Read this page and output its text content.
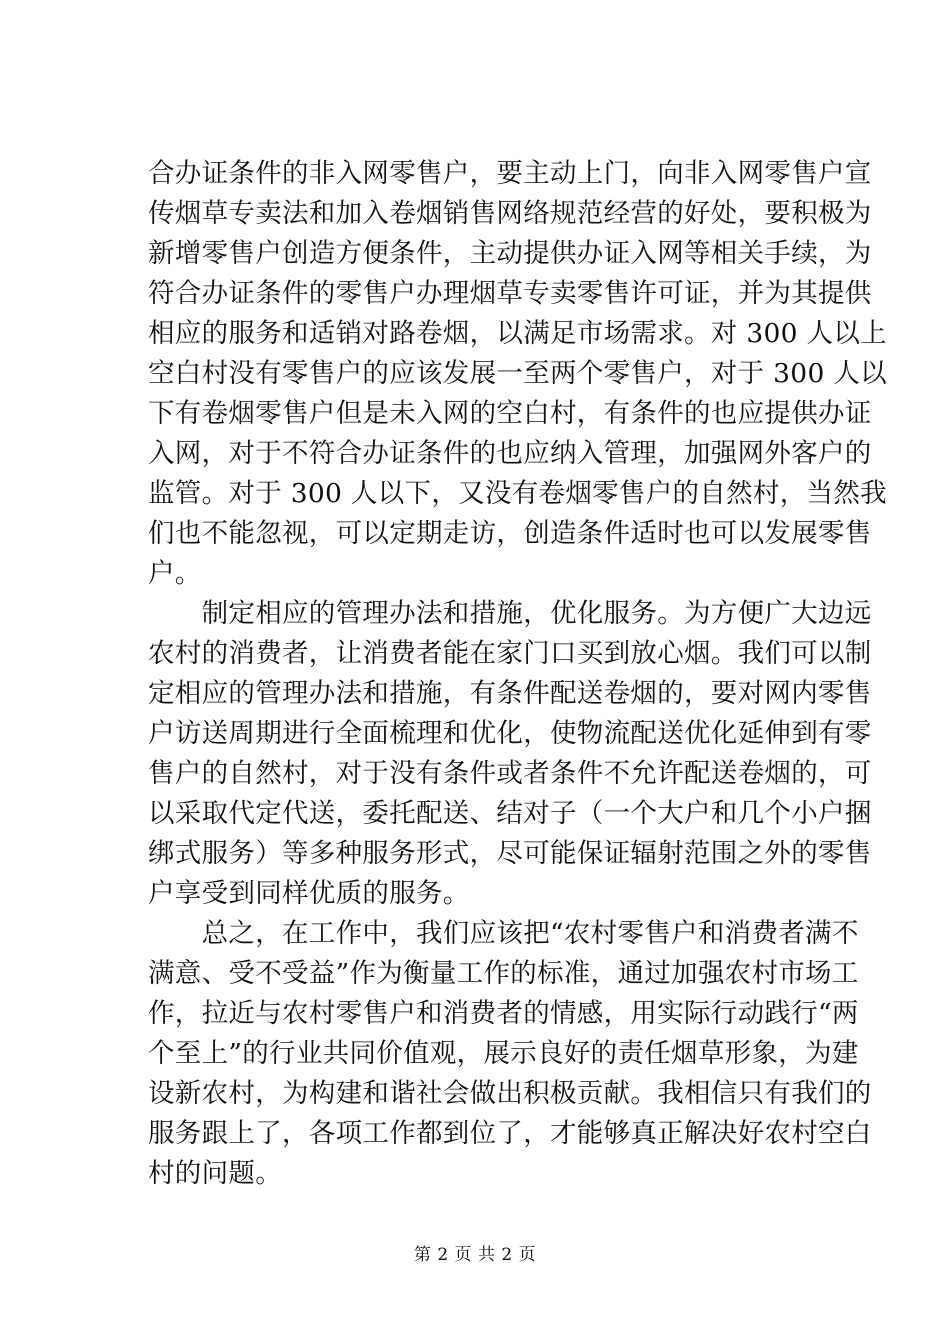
合办证条件的非入网零售户，要主动上门，向非入网零售户宣
传烟草专卖法和加入卷烟销售网络规范经营的好处，要积极为
新增零售户创造方便条件，主动提供办证入网等相关手续，为
符合办证条件的零售户办理烟草专卖零售许可证，并为其提供
相应的服务和适销对路卷烟，以满足市场需求。对 300 人以上
空白村没有零售户的应该发展一至两个零售户，对于 300 人以
下有卷烟零售户但是未入网的空白村，有条件的也应提供办证
入网，对于不符合办证条件的也应纳入管理，加强网外客户的
监管。对于 300 人以下，又没有卷烟零售户的自然村，当然我
们也不能忽视，可以定期走访，创造条件适时也可以发展零售
户。
　　制定相应的管理办法和措施，优化服务。为方便广大边远
农村的消费者，让消费者能在家门口买到放心烟。我们可以制
定相应的管理办法和措施，有条件配送卷烟的，要对网内零售
户访送周期进行全面梳理和优化，使物流配送优化延伸到有零
售户的自然村，对于没有条件或者条件不允许配送卷烟的，可
以采取代定代送，委托配送、结对子（一个大户和几个小户捆
绑式服务）等多种服务形式，尽可能保证辐射范围之外的零售
户享受到同样优质的服务。
　　总之，在工作中，我们应该把“农村零售户和消费者满不
满意、受不受益”作为衡量工作的标准，通过加强农村市场工
作，拉近与农村零售户和消费者的情感，用实际行动践行“两
个至上”的行业共同价值观，展示良好的责任烟草形象，为建
设新农村，为构建和谐社会做出积极贡献。我相信只有我们的
服务跟上了，各项工作都到位了，才能够真正解决好农村空白
村的问题。
第 2 页 共 2 页
